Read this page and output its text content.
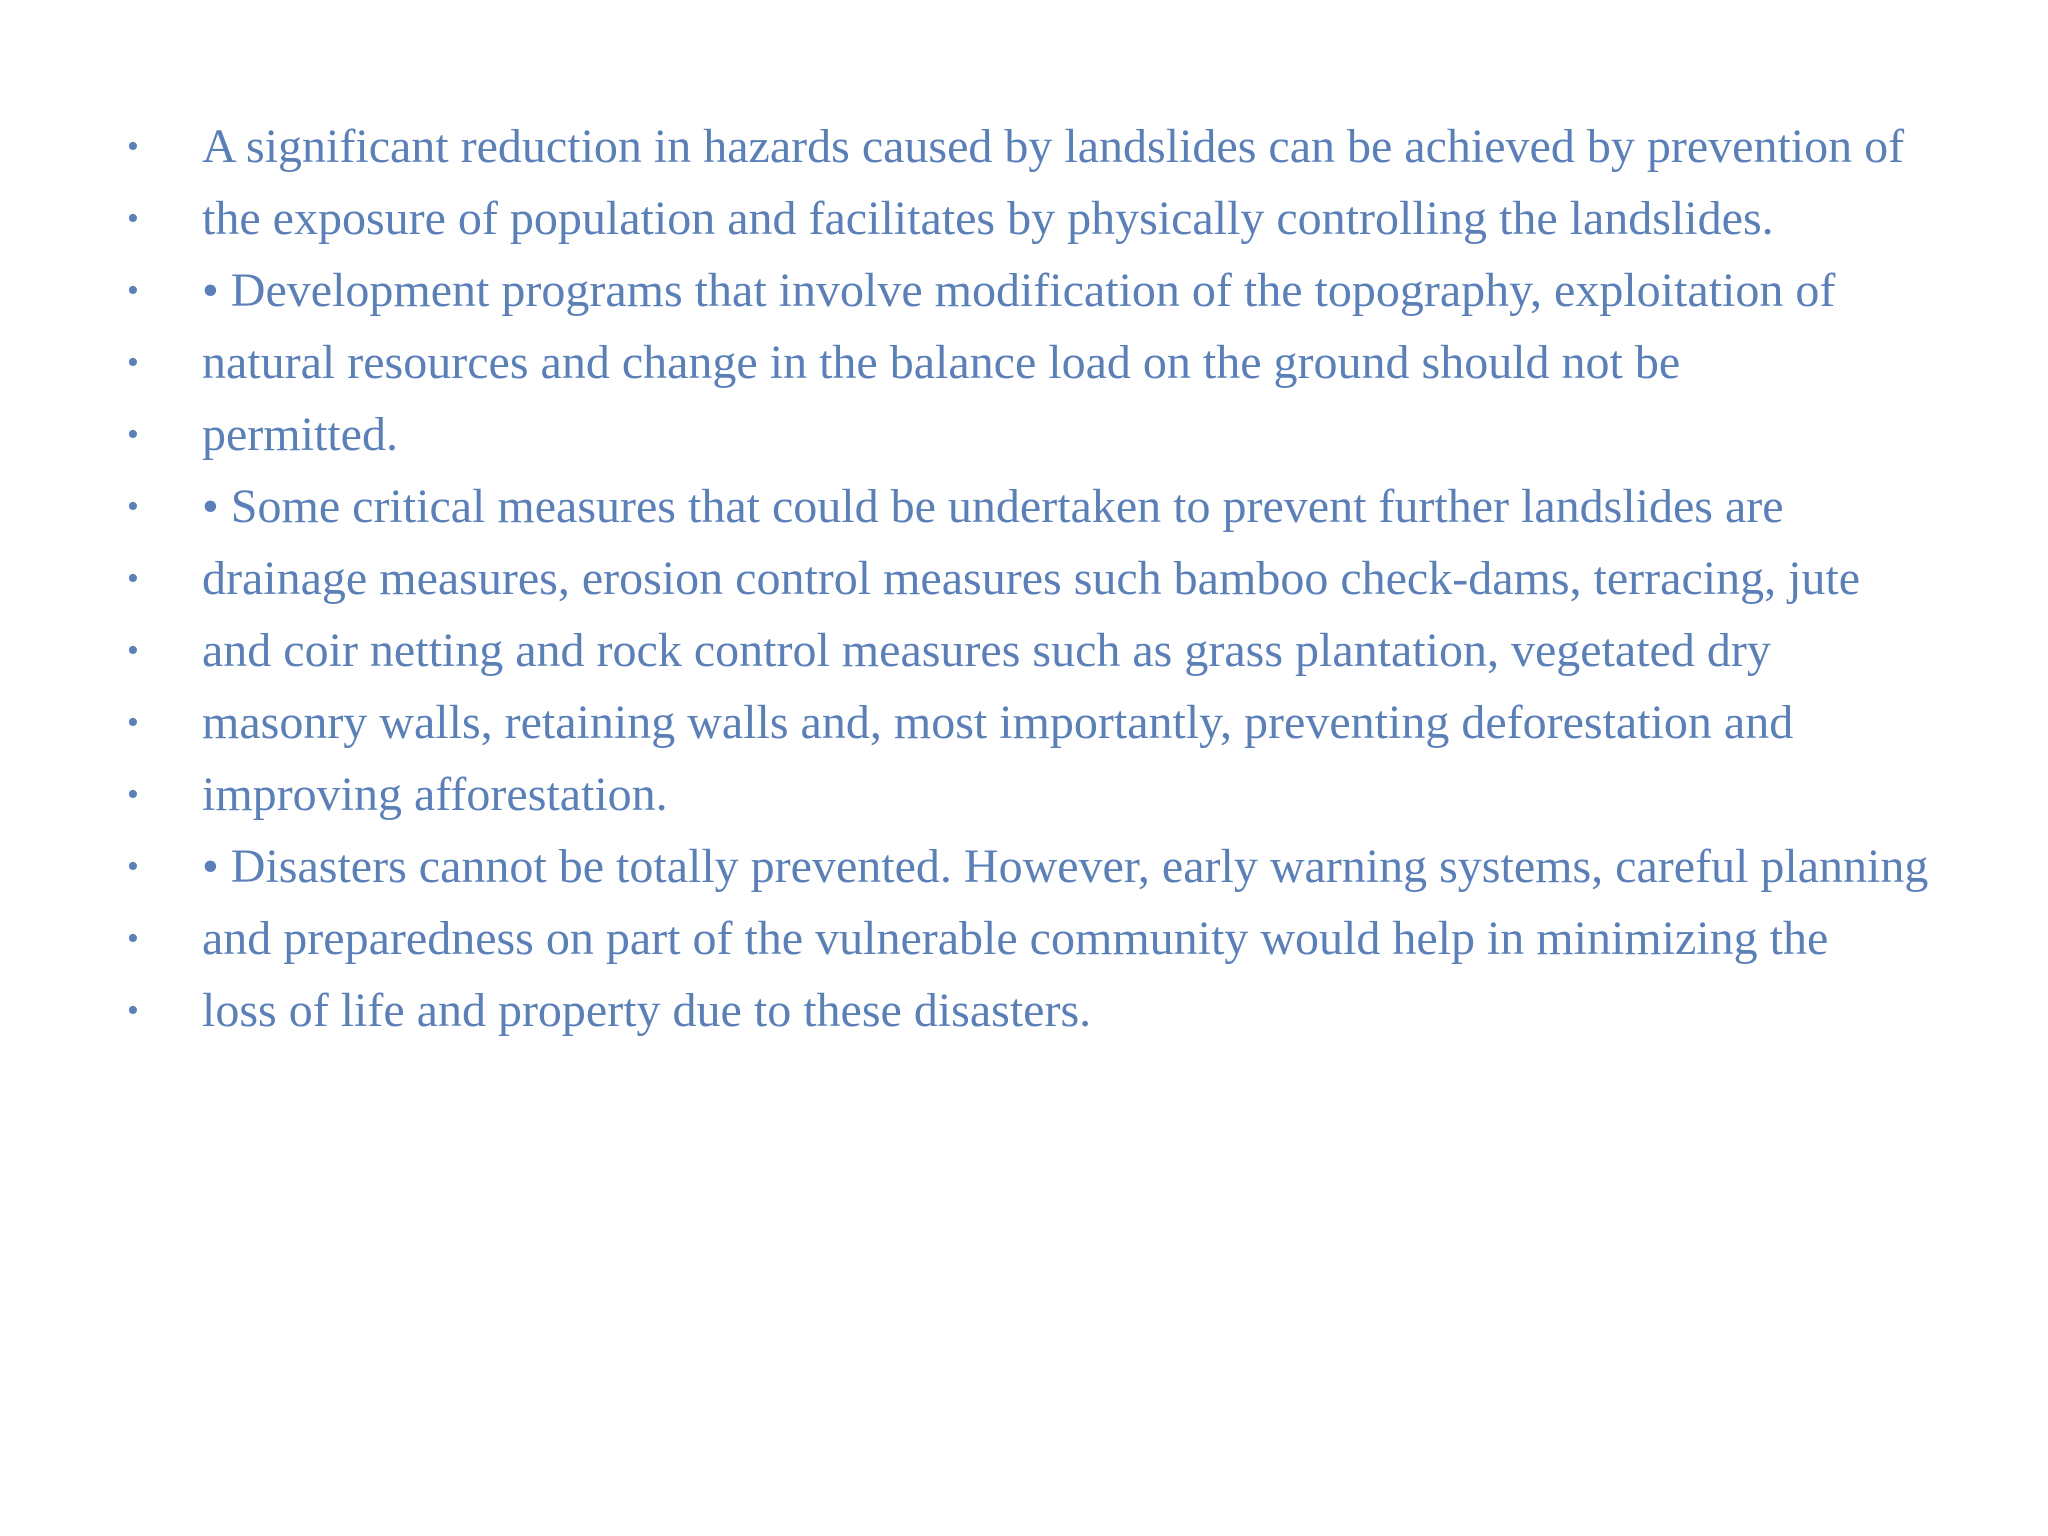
• A significant reduction in hazards caused by landslides can be achieved by prevention of
• the exposure of population and facilitates by physically controlling the landslides.
• • Development programs that involve modification of the topography, exploitation of
• natural resources and change in the balance load on the ground should not be
• permitted.
• • Some critical measures that could be undertaken to prevent further landslides are
• drainage measures, erosion control measures such bamboo check-dams, terracing, jute
• and coir netting and rock control measures such as grass plantation, vegetated dry
• masonry walls, retaining walls and, most importantly, preventing deforestation and
• improving afforestation.
• • Disasters cannot be totally prevented. However, early warning systems, careful planning
• and preparedness on part of the vulnerable community would help in minimizing the
• loss of life and property due to these disasters.
